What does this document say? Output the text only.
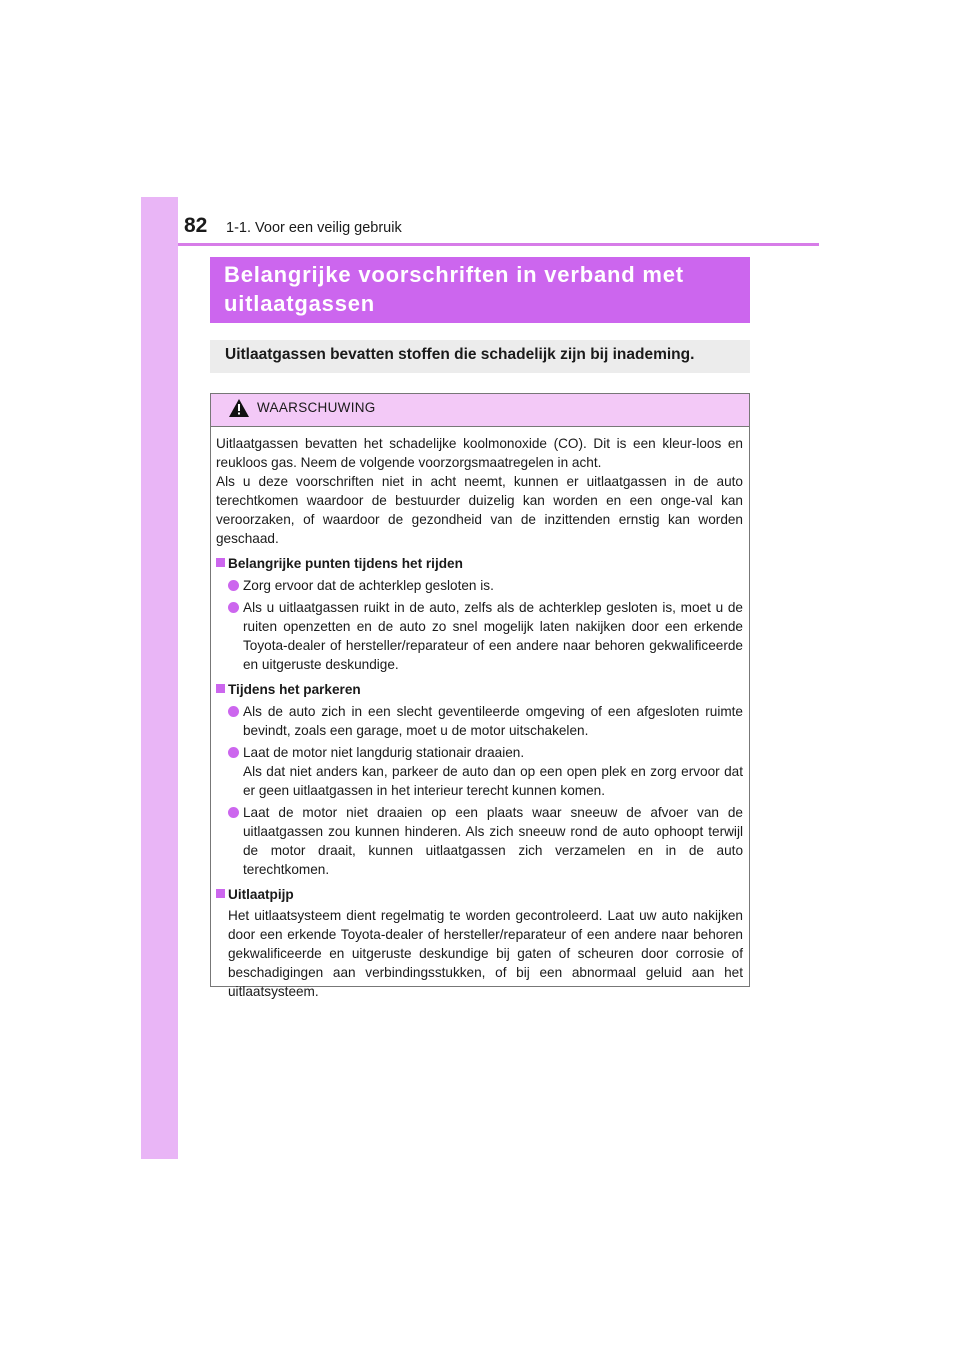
82 1-1. Voor een veilig gebruik
Belangrijke voorschriften in verband met
uitlaatgassen
Uitlaatgassen bevatten stoffen die schadelijk zijn bij inademing.
WAARSCHUWING

Uitlaatgassen bevatten het schadelijke koolmonoxide (CO). Dit is een kleur-loos en reukloos gas. Neem de volgende voorzorgsmaatregelen in acht.

Als u deze voorschriften niet in acht neemt, kunnen er uitlaatgassen in de auto terechtkomen waardoor de bestuurder duizelig kan worden en een onge-val kan veroorzaken, of waardoor de gezondheid van de inzittenden ernstig kan worden geschaad.

Belangrijke punten tijdens het rijden
Zorg ervoor dat de achterklep gesloten is.
Als u uitlaatgassen ruikt in de auto, zelfs als de achterklep gesloten is, moet u de ruiten openzetten en de auto zo snel mogelijk laten nakijken door een erkende Toyota-dealer of hersteller/reparateur of een andere naar behoren gekwalificeerde en uitgeruste deskundige.
Tijdens het parkeren
Als de auto zich in een slecht geventileerde omgeving of een afgesloten ruimte bevindt, zoals een garage, moet u de motor uitschakelen.
Laat de motor niet langdurig stationair draaien.

Als dat niet anders kan, parkeer de auto dan op een open plek en zorg ervoor dat er geen uitlaatgassen in het interieur terecht kunnen komen.

Laat de motor niet draaien op een plaats waar sneeuw de afvoer van de uitlaatgassen zou kunnen hinderen. Als zich sneeuw rond de auto ophoopt terwijl de motor draait, kunnen uitlaatgassen zich verzamelen en in de auto terechtkomen.
Uitlaatpijp

Het uitlaatsysteem dient regelmatig te worden gecontroleerd. Laat uw auto nakijken door een erkende Toyota-dealer of hersteller/reparateur of een andere naar behoren gekwalificeerde en uitgeruste deskundige bij gaten of scheuren door corrosie of beschadigingen aan verbindingsstukken, of bij een abnormaal geluid aan het uitlaatsysteem.
